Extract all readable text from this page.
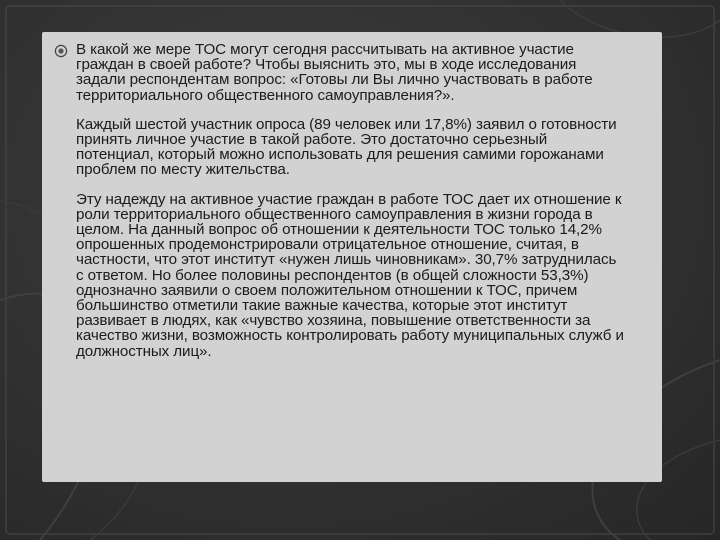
В какой же мере ТОС могут сегодня рассчитывать на активное участие граждан в своей работе? Чтобы выяснить это, мы в ходе исследования задали респондентам вопрос: «Готовы ли Вы лично участвовать в работе территориального общественного самоуправления?».

Каждый шестой участник опроса (89 человек или 17,8%) заявил о готовности принять личное участие в такой работе. Это достаточно серьезный потенциал, который можно использовать для решения самими горожанами проблем по месту жительства.

Эту надежду на активное участие граждан в работе ТОС дает их отношение к роли территориального общественного самоуправления в жизни города в целом. На данный вопрос об отношении к деятельности ТОС только 14,2% опрошенных продемонстрировали отрицательное отношение, считая, в частности, что этот институт «нужен лишь чиновникам». 30,7% затруднилась с ответом. Но более половины респондентов (в общей сложности 53,3%) однозначно заявили о своем положительном отношении к ТОС, причем большинство отметили такие важные качества, которые этот институт развивает в людях, как «чувство хозяина, повышение ответственности за качество жизни, возможность контролировать работу муниципальных служб и должностных лиц».
